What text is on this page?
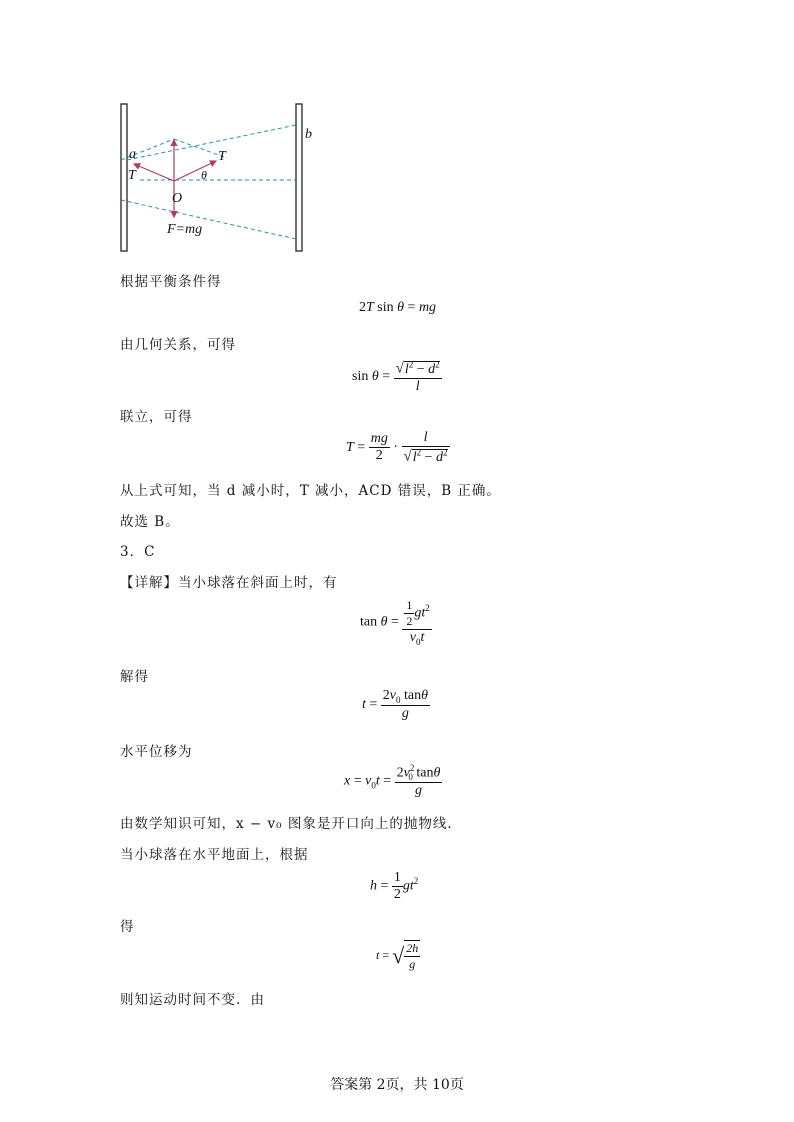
a
b
T
T
θ
O
F=mg
根据平衡条件得
2T sin θ = mg
由几何关系，可得
$\sin \theta = \frac{√l^2 - d^2}{l}$
联立，可得
$T = \frac{mg}{2} \cdot \frac{l}{√l^2 - d^2}$
从上式可知，当 d 减小时，T 减小，ACD 错误，B 正确。
故选 B。
3．C
【详解】当小球落在斜面上时，有
$\tan \theta = \frac{\frac{1}{2} gt^2}{v_0t}$
解得
$t = \frac{2v_0 \tan\theta}{g}$
水平位移为
$x = v_0t = \frac{2v^2_0 \tan\theta}{g}$
由数学知识可知，x − v₀ 图象是开口向上的抛物线．
当小球落在水平地面上，根据
$h = \frac{1}{2} gt^2$
得
t = √ $\frac{2h}{g}$
则知运动时间不变．由
答案第 2页，共 10页
